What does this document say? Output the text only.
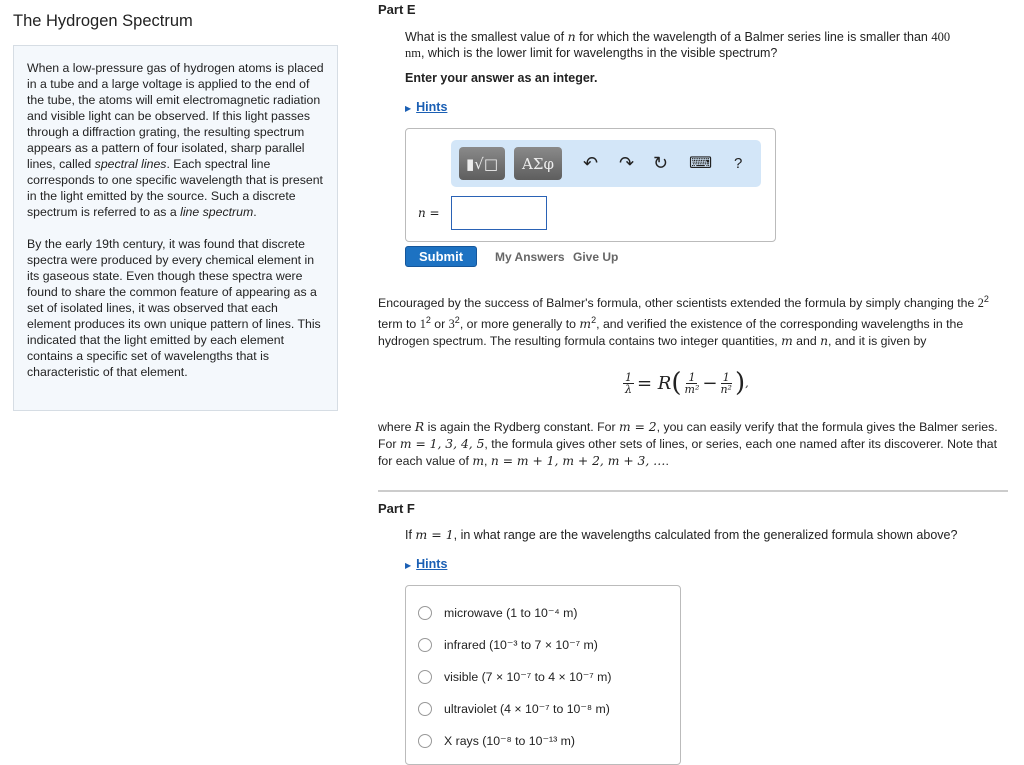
The Hydrogen Spectrum

When a low-pressure gas of hydrogen atoms is placed in a tube and a large voltage is applied to the end of the tube, the atoms will emit electromagnetic radiation and visible light can be observed. If this light passes through a diffraction grating, the resulting spectrum appears as a pattern of four isolated, sharp parallel lines, called spectral lines. Each spectral line corresponds to one specific wavelength that is present in the light emitted by the source. Such a discrete spectrum is referred to as a line spectrum.

By the early 19th century, it was found that discrete spectra were produced by every chemical element in its gaseous state. Even though these spectra were found to share the common feature of appearing as a set of isolated lines, it was observed that each element produces its own unique pattern of lines. This indicated that the light emitted by each element contains a specific set of wavelengths that is characteristic of that element.

Part E
What is the smallest value of n for which the wavelength of a Balmer series line is smaller than 400 nm, which is the lower limit for wavelengths in the visible spectrum?
Enter your answer as an integer.
▶ Hints
▮√□	ΑΣφ	↶ ↷ ↻ ⌨ ?
n =
Submit	My Answers Give Up
Encouraged by the success of Balmer's formula, other scientists extended the formula by simply changing the $2^2$ term to $1^2$ or $3^2$, or more generally to $m^2$, and verified the existence of the corresponding wavelengths in the hydrogen spectrum. The resulting formula contains two integer quantities, m and n, and it is given by
$\frac{1}{\lambda} = R$ ( $\frac{1}{\text{m²}} - \frac{1}{\text{n²}}$ ) ,
where R is again the Rydberg constant. For m = 2, you can easily verify that the formula gives the Balmer series. For m = 1, 3, 4, 5, the formula gives other sets of lines, or series, each one named after its discoverer. Note that for each value of m, n = m + 1, m + 2, m + 3, ….
Part F
If m = 1, in what range are the wavelengths calculated from the generalized formula shown above?
▶ Hints
microwave (1 to 10⁻⁴ m)
infrared (10⁻³ to 7 × 10⁻⁷ m)
visible (7 × 10⁻⁷ to 4 × 10⁻⁷ m)
ultraviolet (4 × 10⁻⁷ to 10⁻⁸ m)
X rays (10⁻⁸ to 10⁻¹³ m)
